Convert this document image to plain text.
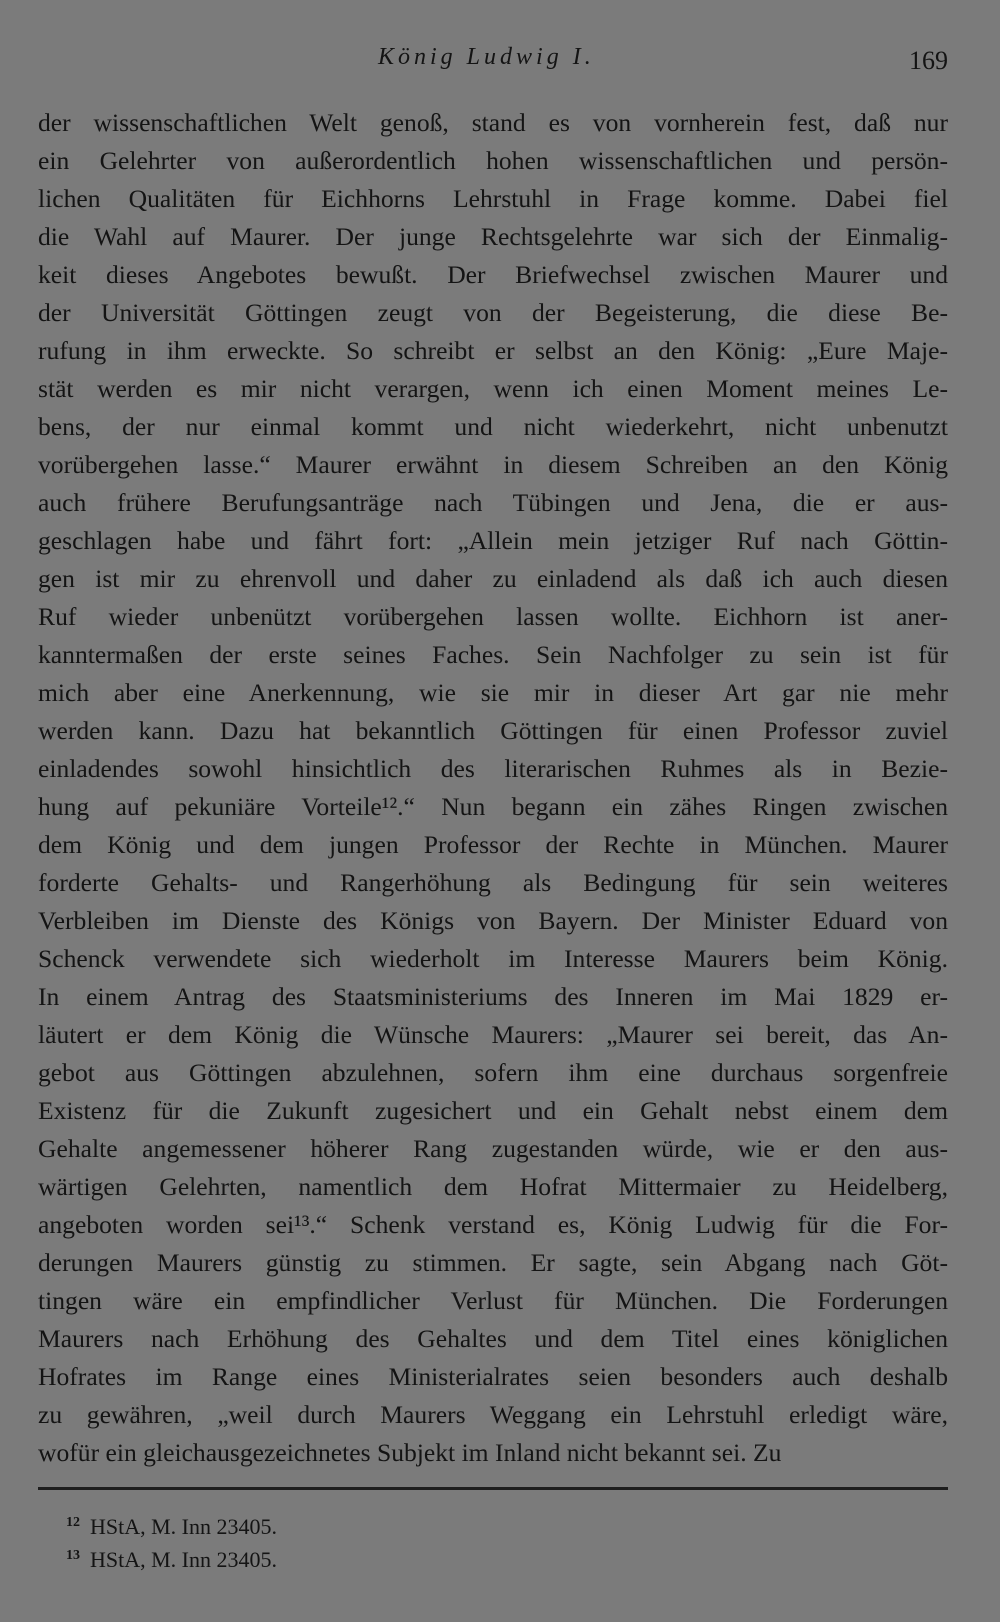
König Ludwig I.	169
der wissenschaftlichen Welt genoß, stand es von vornherein fest, daß nur
ein Gelehrter von außerordentlich hohen wissenschaftlichen und persön-
lichen Qualitäten für Eichhorns Lehrstuhl in Frage komme. Dabei fiel
die Wahl auf Maurer. Der junge Rechtsgelehrte war sich der Einmalig-
keit dieses Angebotes bewußt. Der Briefwechsel zwischen Maurer und
der Universität Göttingen zeugt von der Begeisterung, die diese Be-
rufung in ihm erweckte. So schreibt er selbst an den König: „Eure Maje-
stät werden es mir nicht verargen, wenn ich einen Moment meines Le-
bens, der nur einmal kommt und nicht wiederkehrt, nicht unbenutzt
vorübergehen lasse.“ Maurer erwähnt in diesem Schreiben an den König
auch frühere Berufungsanträge nach Tübingen und Jena, die er aus-
geschlagen habe und fährt fort: „Allein mein jetziger Ruf nach Göttin-
gen ist mir zu ehrenvoll und daher zu einladend als daß ich auch diesen
Ruf wieder unbenützt vorübergehen lassen wollte. Eichhorn ist aner-
kanntermaßen der erste seines Faches. Sein Nachfolger zu sein ist für
mich aber eine Anerkennung, wie sie mir in dieser Art gar nie mehr
werden kann. Dazu hat bekanntlich Göttingen für einen Professor zuviel
einladendes sowohl hinsichtlich des literarischen Ruhmes als in Bezie-
hung auf pekuniäre Vorteile¹².“ Nun begann ein zähes Ringen zwischen
dem König und dem jungen Professor der Rechte in München. Maurer
forderte Gehalts- und Rangerhöhung als Bedingung für sein weiteres
Verbleiben im Dienste des Königs von Bayern. Der Minister Eduard von
Schenck verwendete sich wiederholt im Interesse Maurers beim König.
In einem Antrag des Staatsministeriums des Inneren im Mai 1829 er-
läutert er dem König die Wünsche Maurers: „Maurer sei bereit, das An-
gebot aus Göttingen abzulehnen, sofern ihm eine durchaus sorgenfreie
Existenz für die Zukunft zugesichert und ein Gehalt nebst einem dem
Gehalte angemessener höherer Rang zugestanden würde, wie er den aus-
wärtigen Gelehrten, namentlich dem Hofrat Mittermaier zu Heidelberg,
angeboten worden sei¹³.“ Schenk verstand es, König Ludwig für die For-
derungen Maurers günstig zu stimmen. Er sagte, sein Abgang nach Göt-
tingen wäre ein empfindlicher Verlust für München. Die Forderungen
Maurers nach Erhöhung des Gehaltes und dem Titel eines königlichen
Hofrates im Range eines Ministerialrates seien besonders auch deshalb
zu gewähren, „weil durch Maurers Weggang ein Lehrstuhl erledigt wäre,
wofür ein gleichausgezeichnetes Subjekt im Inland nicht bekannt sei. Zu
$^{12}$ HStA, M. Inn 23405.
$^{13}$ HStA, M. Inn 23405.
